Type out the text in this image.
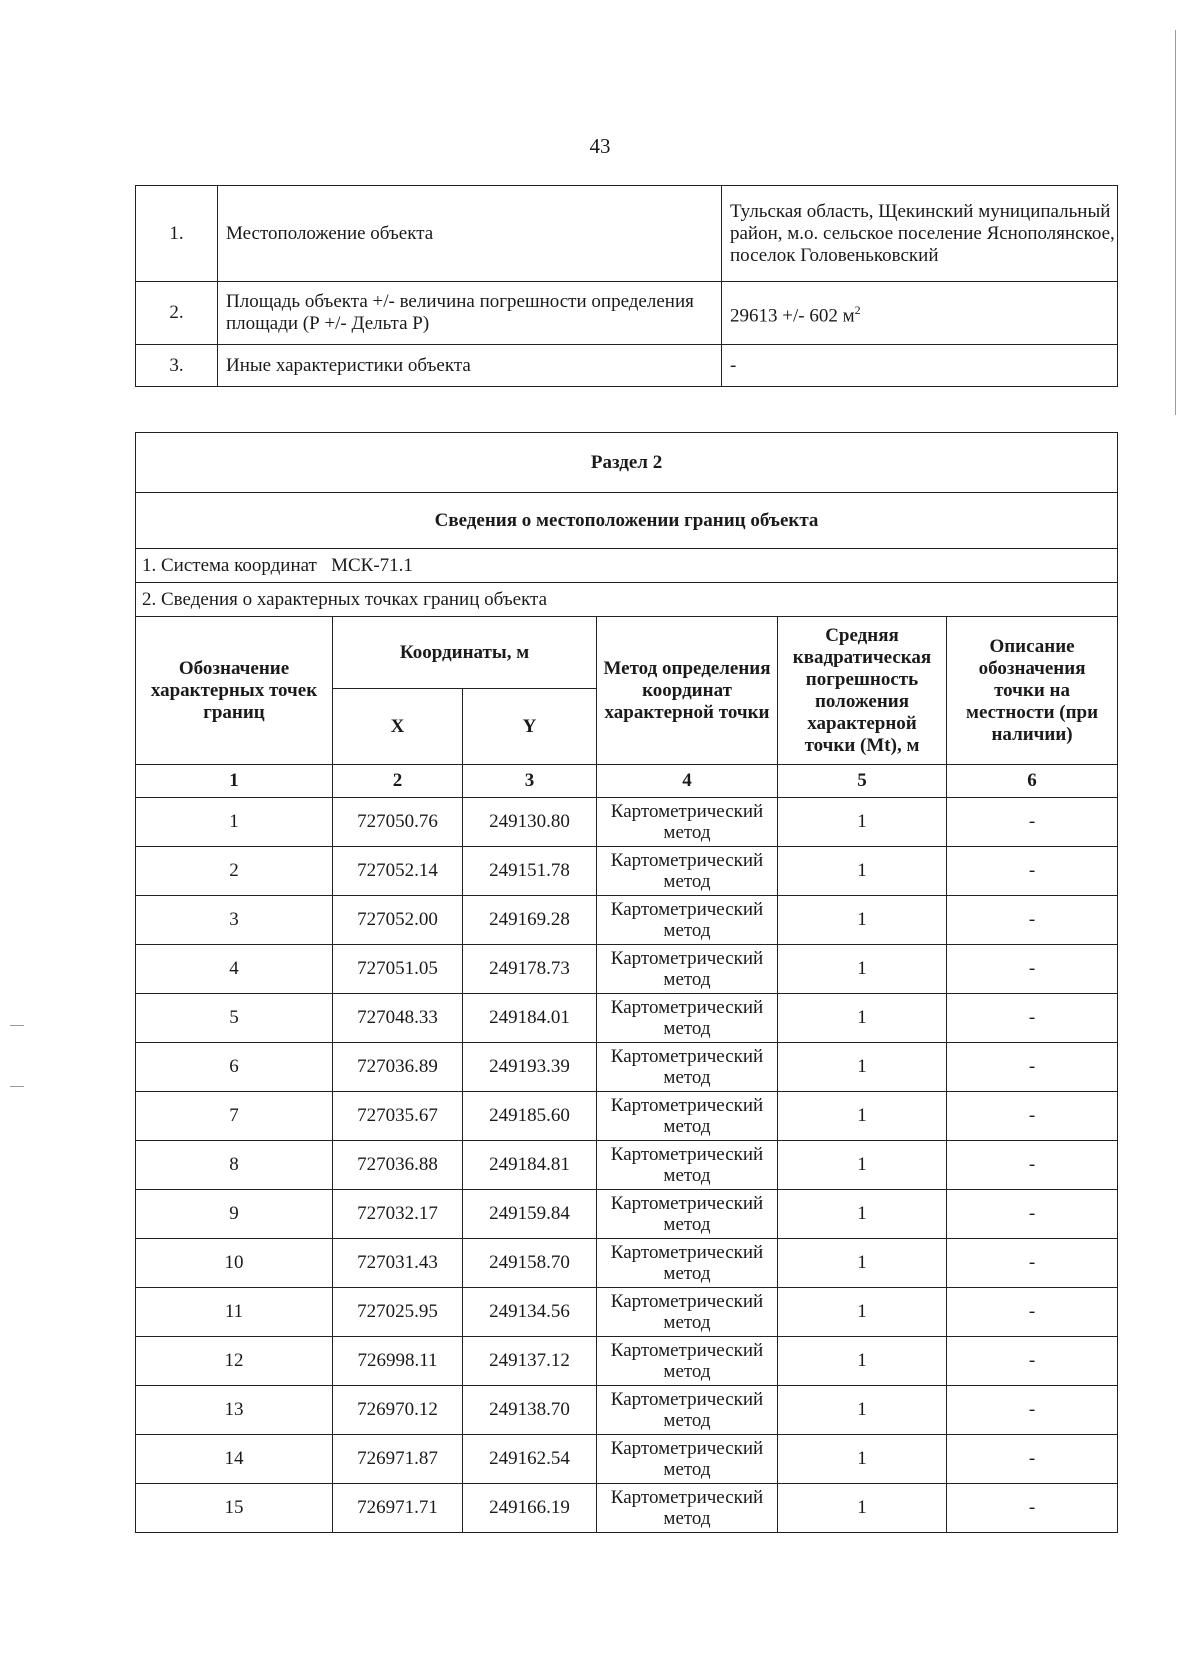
43
1.	Местоположение объекта	Тульская область, Щекинский муниципальный район, м.о. сельское поселение Яснополянское, поселок Головеньковский
2.	Площадь объекта +/- величина погрешности определения площади (Р +/- Дельта Р)	29613 +/- 602 $м^2$
3.	Иные характеристики объекта	-
Раздел 2					
Сведения о местоположении границ объекта					
1. Система координат   МСК-71.1					
2. Сведения о характерных точках границ объекта					
Обозначение характерных точек границ	Координаты, м		Метод определения координат характерной точки	Средняя квадратическая погрешность положения характерной точки (Mt), м	Описание обозначения точки на местности (при наличии)
	X	Y			
1	2	3	4	5	6
1	727050.76	249130.80	Картометрический метод	1	-
2	727052.14	249151.78	Картометрический метод	1	-
3	727052.00	249169.28	Картометрический метод	1	-
4	727051.05	249178.73	Картометрический метод	1	-
5	727048.33	249184.01	Картометрический метод	1	-
6	727036.89	249193.39	Картометрический метод	1	-
7	727035.67	249185.60	Картометрический метод	1	-
8	727036.88	249184.81	Картометрический метод	1	-
9	727032.17	249159.84	Картометрический метод	1	-
10	727031.43	249158.70	Картометрический метод	1	-
11	727025.95	249134.56	Картометрический метод	1	-
12	726998.11	249137.12	Картометрический метод	1	-
13	726970.12	249138.70	Картометрический метод	1	-
14	726971.87	249162.54	Картометрический метод	1	-
15	726971.71	249166.19	Картометрический метод	1	-
